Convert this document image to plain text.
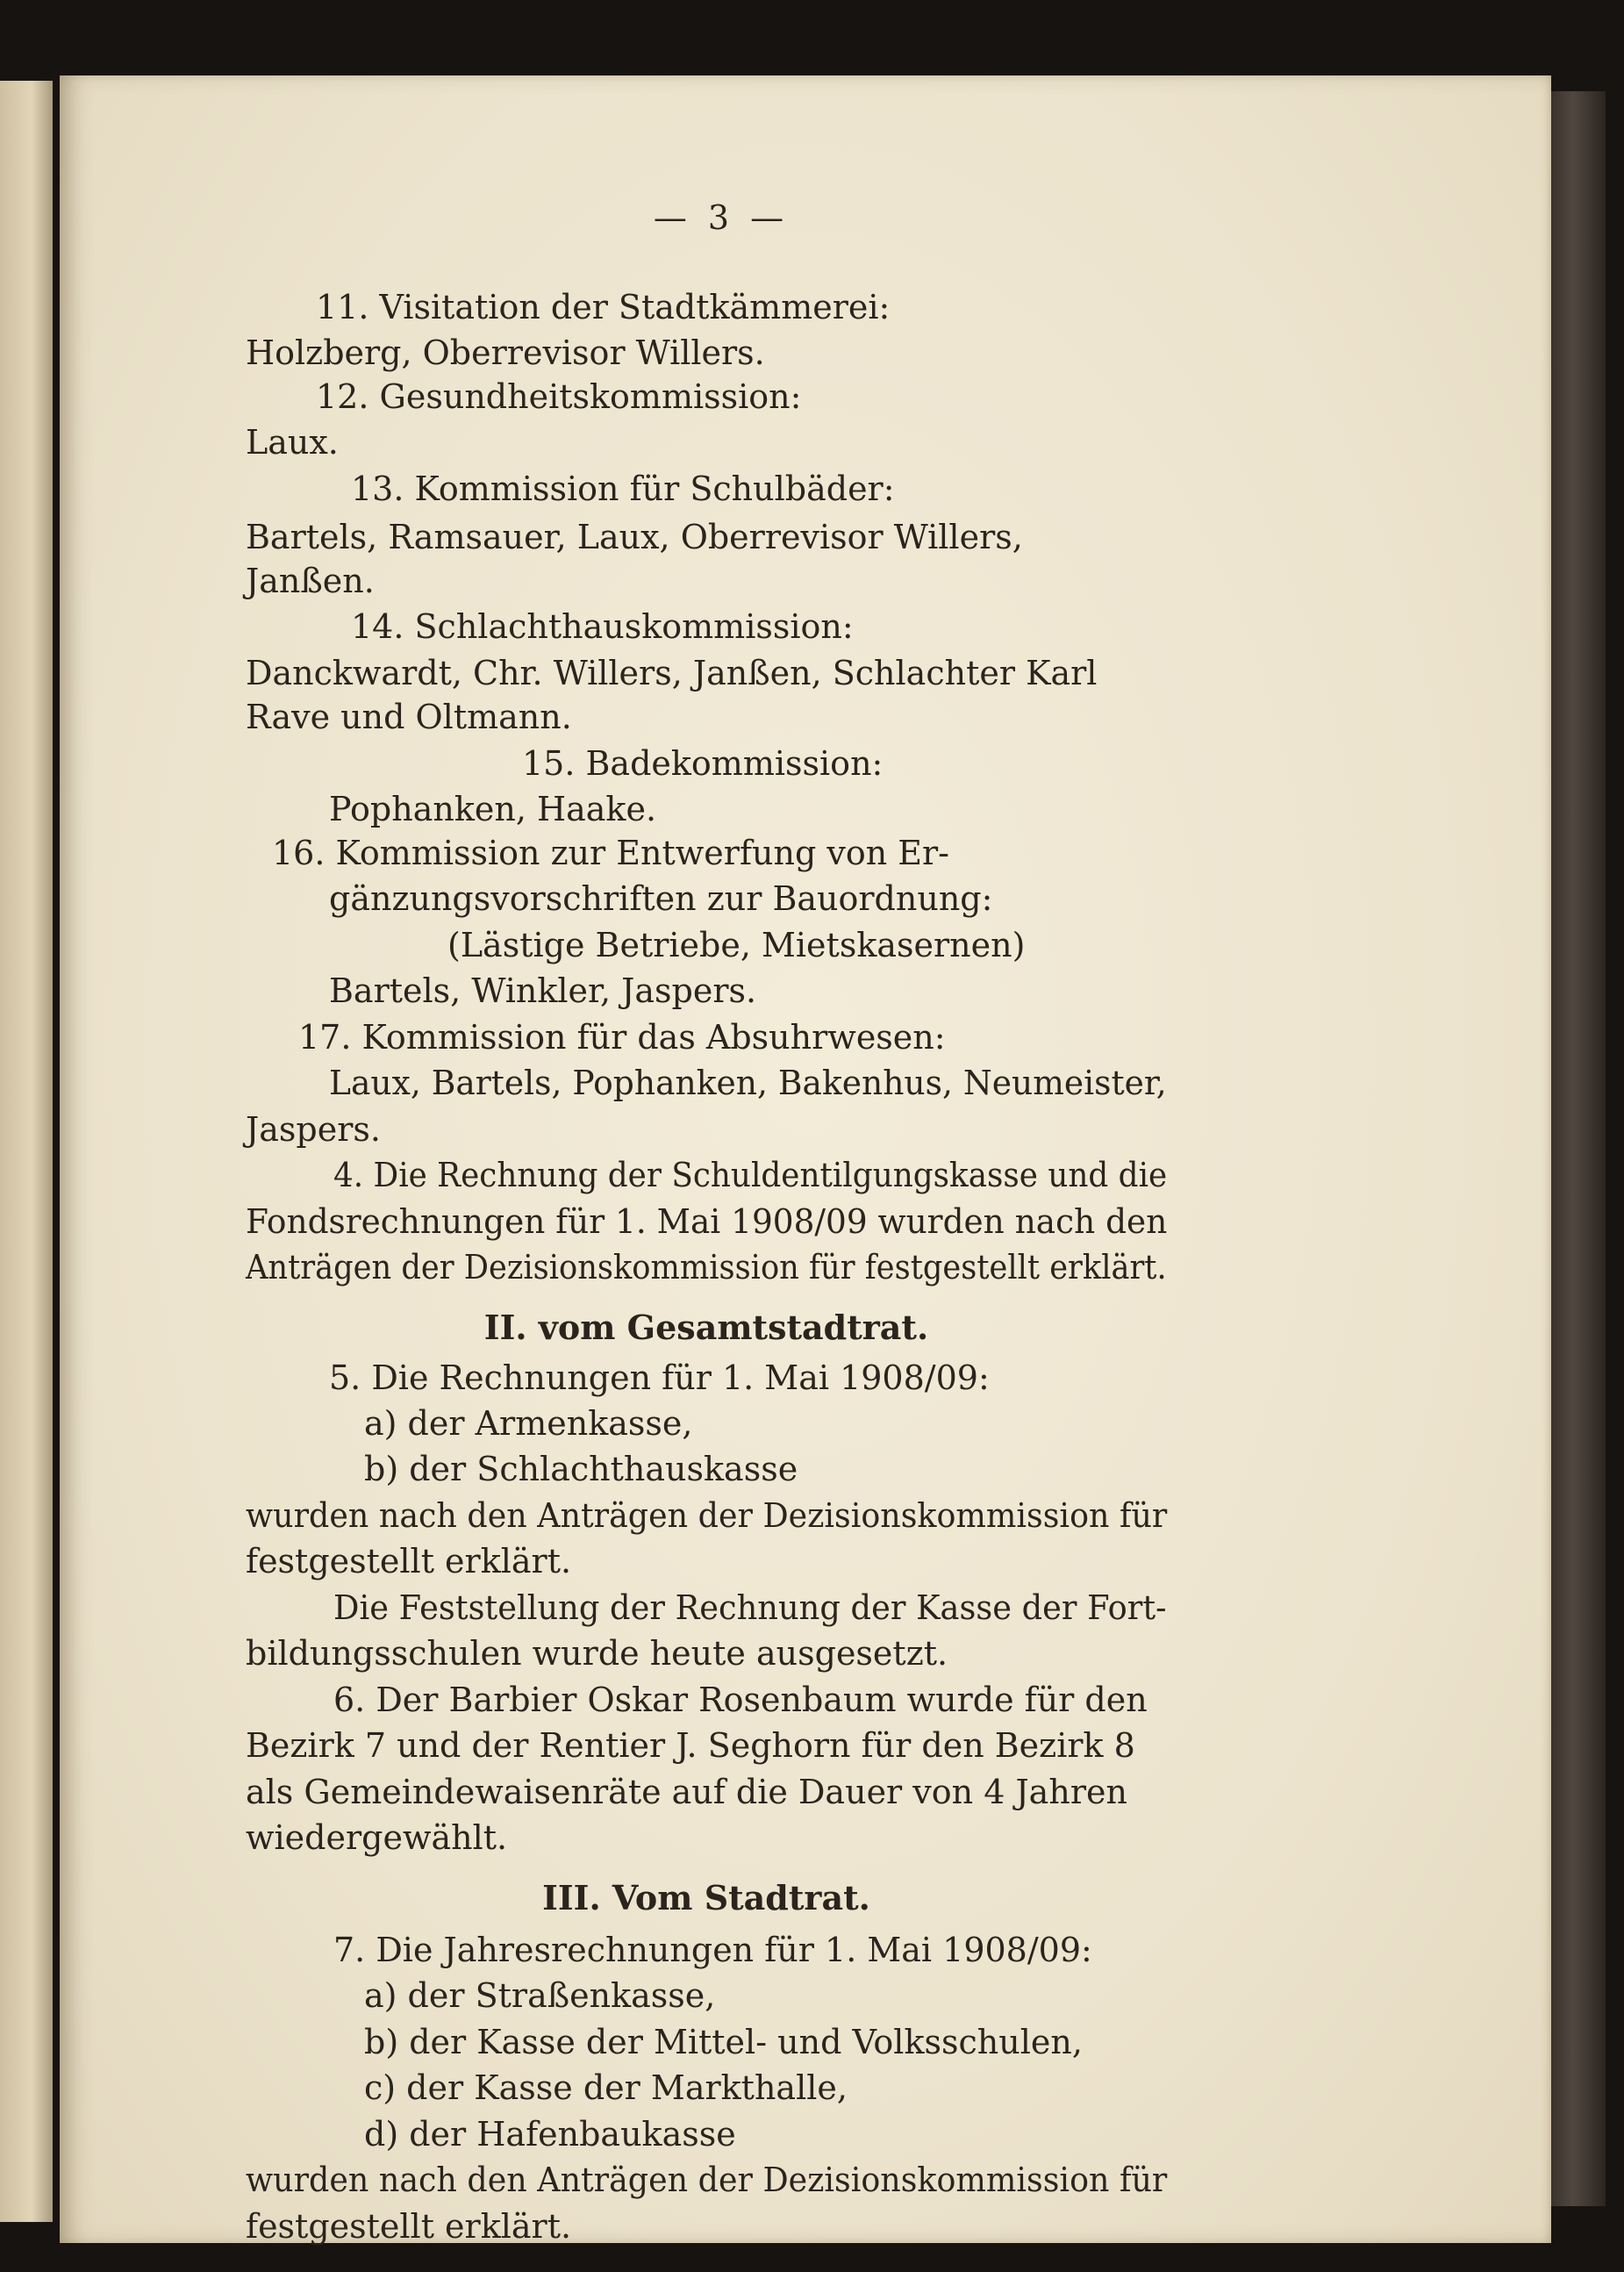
— 3 —
11. Visitation der Stadtkämmerei:
Holzberg, Oberrevisor Willers.
12. Gesundheitskommission:
Laux.
13. Kommission für Schulbäder:
Bartels, Ramsauer, Laux, Oberrevisor Willers,
Janßen.
14. Schlachthauskommission:
Danckwardt, Chr. Willers, Janßen, Schlachter Karl
Rave und Oltmann.
15. Badekommission:
Pophanken, Haake.
16. Kommission zur Entwerfung von Er-
gänzungsvorschriften zur Bauordnung:
(Lästige Betriebe, Mietskasernen)
Bartels, Winkler, Jaspers.
17. Kommission für das Absuhrwesen:
Laux, Bartels, Pophanken, Bakenhus, Neumeister,
Jaspers.
4. Die Rechnung der Schuldentilgungskasse und die
Fondsrechnungen für 1. Mai 1908/09 wurden nach den
Anträgen der Dezisionskommission für festgestellt erklärt.
II. vom Gesamtstadtrat.
5. Die Rechnungen für 1. Mai 1908/09:
a) der Armenkasse,
b) der Schlachthauskasse
wurden nach den Anträgen der Dezisionskommission für
festgestellt erklärt.
Die Feststellung der Rechnung der Kasse der Fort-
bildungsschulen wurde heute ausgesetzt.
6. Der Barbier Oskar Rosenbaum wurde für den
Bezirk 7 und der Rentier J. Seghorn für den Bezirk 8
als Gemeindewaisenräte auf die Dauer von 4 Jahren
wiedergewählt.
III. Vom Stadtrat.
7. Die Jahresrechnungen für 1. Mai 1908/09:
a) der Straßenkasse,
b) der Kasse der Mittel- und Volksschulen,
c) der Kasse der Markthalle,
d) der Hafenbaukasse
wurden nach den Anträgen der Dezisionskommission für
festgestellt erklärt.
